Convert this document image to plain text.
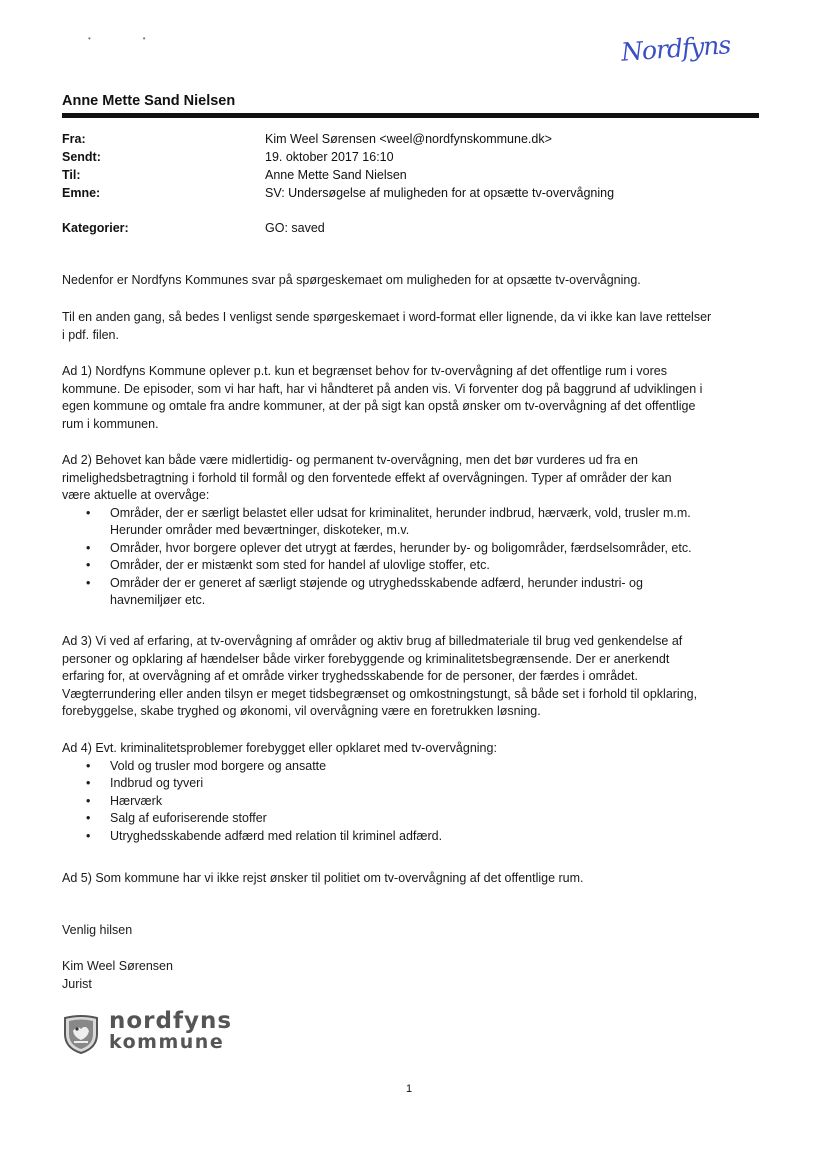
••	Nordfyns
Anne Mette Sand Nielsen
Fra:	Kim Weel Sørensen <weel@nordfynskommune.dk>
Sendt:	19. oktober 2017 16:10
Til:	Anne Mette Sand Nielsen
Emne:	SV: Undersøgelse af muligheden for at opsætte tv-overvågning
Kategorier:	GO: saved

Nedenfor er Nordfyns Kommunes svar på spørgeskemaet om muligheden for at opsætte tv-overvågning.

Til en anden gang, så bedes I venligst sende spørgeskemaet i word-format eller lignende, da vi ikke kan lave rettelser

i pdf. filen.

Ad 1) Nordfyns Kommune oplever p.t. kun et begrænset behov for tv-overvågning af det offentlige rum i vores

kommune. De episoder, som vi har haft, har vi håndteret på anden vis. Vi forventer dog på baggrund af udviklingen i

egen kommune og omtale fra andre kommuner, at der på sigt kan opstå ønsker om tv-overvågning af det offentlige

rum i kommunen.

Ad 2) Behovet kan både være midlertidig- og permanent tv-overvågning, men det bør vurderes ud fra en

rimelighedsbetragtning i forhold til formål og den forventede effekt af overvågningen. Typer af områder der kan

være aktuelle at overvåge:

• Områder, der er særligt belastet eller udsat for kriminalitet, herunder indbrud, hærværk, vold, trusler m.m.
Herunder områder med beværtninger, diskoteker, m.v.
• Områder, hvor borgere oplever det utrygt at færdes, herunder by- og boligområder, færdselsområder, etc.
• Områder, der er mistænkt som sted for handel af ulovlige stoffer, etc.
• Områder der er generet af særligt støjende og utryghedsskabende adfærd, herunder industri- og
havnemiljøer etc.

Ad 3) Vi ved af erfaring, at tv-overvågning af områder og aktiv brug af billedmateriale til brug ved genkendelse af

personer og opklaring af hændelser både virker forebyggende og kriminalitetsbegrænsende. Der er anerkendt

erfaring for, at overvågning af et område virker tryghedsskabende for de personer, der færdes i området.

Vægterrundering eller anden tilsyn er meget tidsbegrænset og omkostningstungt, så både set i forhold til opklaring,

forebyggelse, skabe tryghed og økonomi, vil overvågning være en foretrukken løsning.

Ad 4) Evt. kriminalitetsproblemer forebygget eller opklaret med tv-overvågning:

• Vold og trusler mod borgere og ansatte
• Indbrud og tyveri
• Hærværk
• Salg af euforiserende stoffer
• Utryghedsskabende adfærd med relation til kriminel adfærd.

Ad 5) Som kommune har vi ikke rejst ønsker til politiet om tv-overvågning af det offentlige rum.

Venlig hilsen

Kim Weel Sørensen

Jurist

nordfyns
kommune
1
